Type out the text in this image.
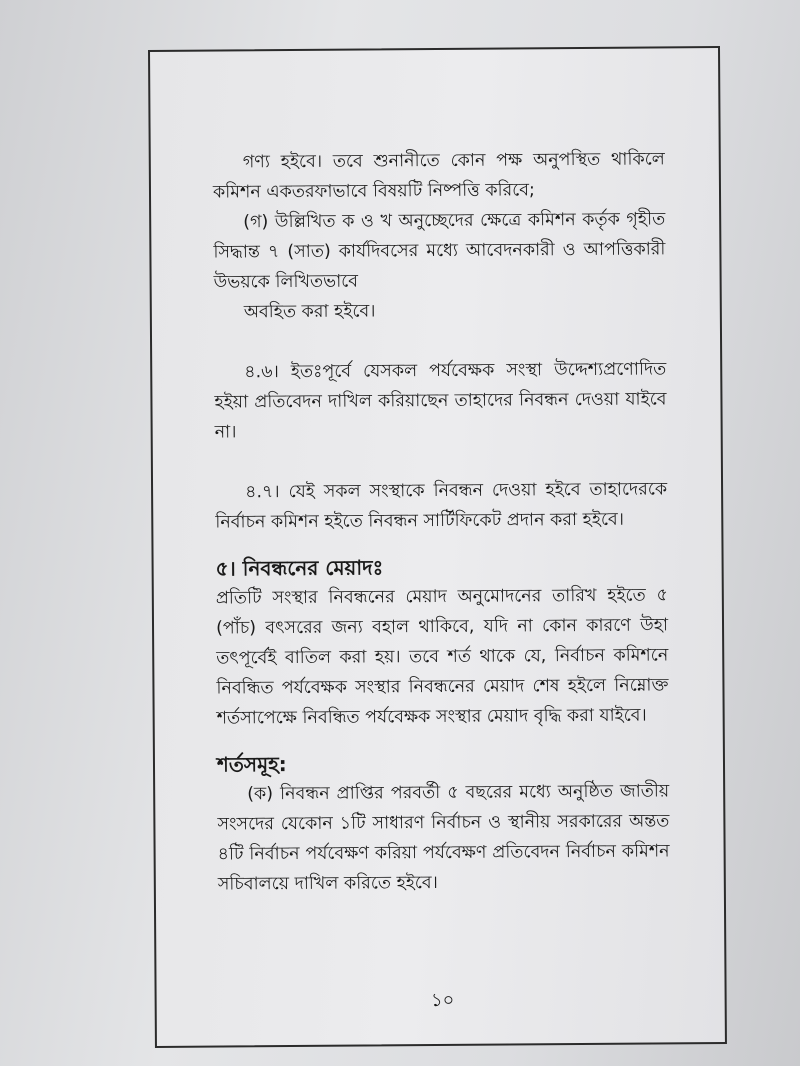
গণ্য হইবে। তবে শুনানীতে কোন পক্ষ অনুপস্থিত থাকিলে কমিশন একতরফাভাবে বিষয়টি নিষ্পত্তি করিবে;

(গ) উল্লিখিত ক ও খ অনুচ্ছেদের ক্ষেত্রে কমিশন কর্তৃক গৃহীত সিদ্ধান্ত ৭ (সাত) কার্যদিবসের মধ্যে আবেদনকারী ও আপত্তিকারী উভয়কে লিখিতভাবে

অবহিত করা হইবে।

৪.৬। ইতঃপূর্বে যেসকল পর্যবেক্ষক সংস্থা উদ্দেশ্যপ্রণোদিত হইয়া প্রতিবেদন দাখিল করিয়াছেন তাহাদের নিবন্ধন দেওয়া যাইবে না।

৪.৭। যেই সকল সংস্থাকে নিবন্ধন দেওয়া হইবে তাহাদেরকে নির্বাচন কমিশন হইতে নিবন্ধন সার্টিফিকেট প্রদান করা হইবে।

৫। নিবন্ধনের মেয়াদঃ

প্রতিটি সংস্থার নিবন্ধনের মেয়াদ অনুমোদনের তারিখ হইতে ৫ (পাঁচ) বৎসরের জন্য বহাল থাকিবে, যদি না কোন কারণে উহা তৎপূর্বেই বাতিল করা হয়। তবে শর্ত থাকে যে, নির্বাচন কমিশনে নিবন্ধিত পর্যবেক্ষক সংস্থার নিবন্ধনের মেয়াদ শেষ হইলে নিম্নোক্ত শর্তসাপেক্ষে নিবন্ধিত পর্যবেক্ষক সংস্থার মেয়াদ বৃদ্ধি করা যাইবে।

শর্তসমূহ:

(ক) নিবন্ধন প্রাপ্তির পরবর্তী ৫ বছরের মধ্যে অনুষ্ঠিত জাতীয় সংসদের যেকোন ১টি সাধারণ নির্বাচন ও স্থানীয় সরকারের অন্তত ৪টি নির্বাচন পর্যবেক্ষণ করিয়া পর্যবেক্ষণ প্রতিবেদন নির্বাচন কমিশন সচিবালয়ে দাখিল করিতে হইবে।

১০
